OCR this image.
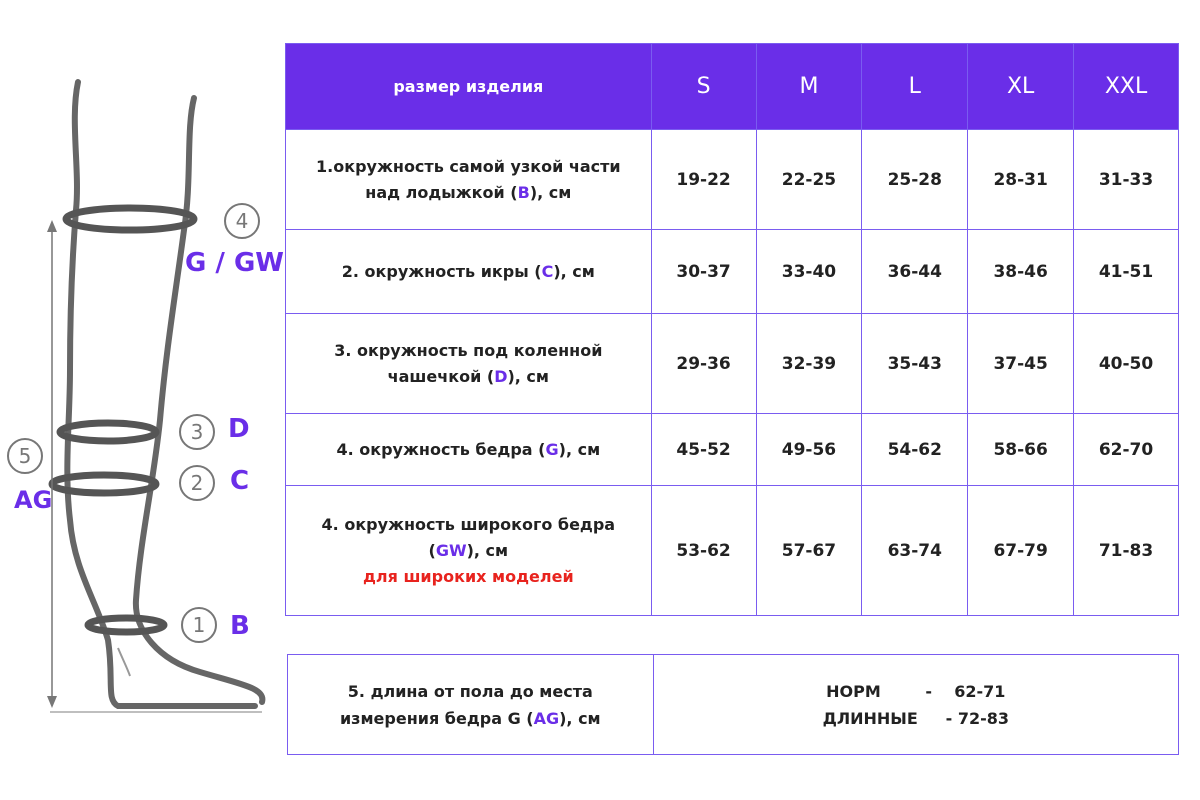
4
3
2
1
5
G / GW
D
C
B
AG
размер изделия	S	M	L	XL	XXL
1.окружность самой узкой части над лодыжкой (B), см	19-22	22-25	25-28	28-31	31-33
2. окружность икры (C), см	30-37	33-40	36-44	38-46	41-51
3. окружность под коленной чашечкой (D), см	29-36	32-39	35-43	37-45	40-50
4. окружность бедра (G), см	45-52	49-56	54-62	58-66	62-70
4. окружность широкого бедра (GW), см
для широких моделей	53-62	57-67	63-74	67-79	71-83
5. длина от пола до места измерения бедра G (AG), см	
НОРМ        -    62-71
ДЛИННЫЕ     - 72-83
